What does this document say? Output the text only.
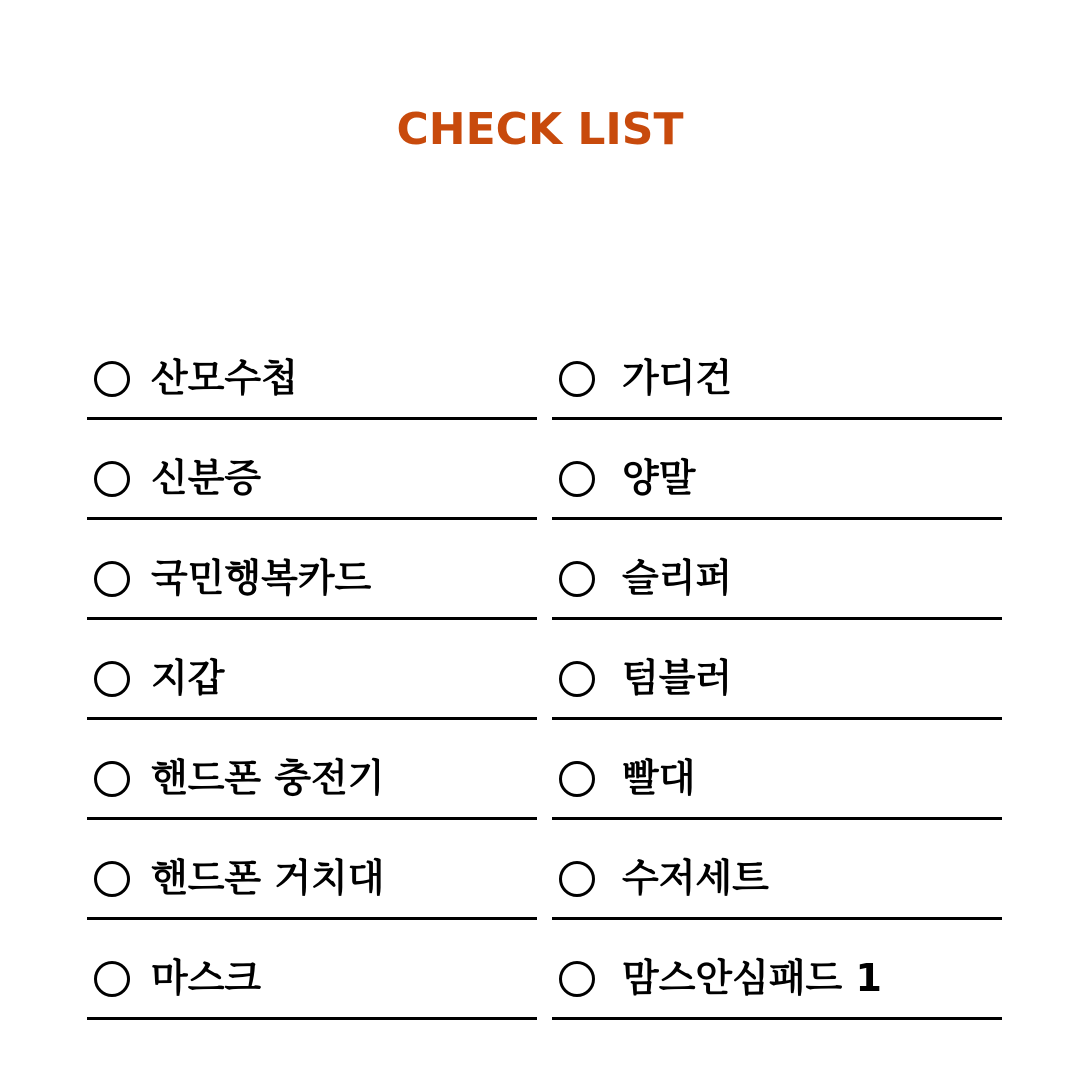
CHECK LIST
산모수첩
신분증
국민행복카드
지갑
핸드폰 충전기
핸드폰 거치대
마스크
가디건
양말
슬리퍼
텀블러
빨대
수저세트
맘스안심패드 1
